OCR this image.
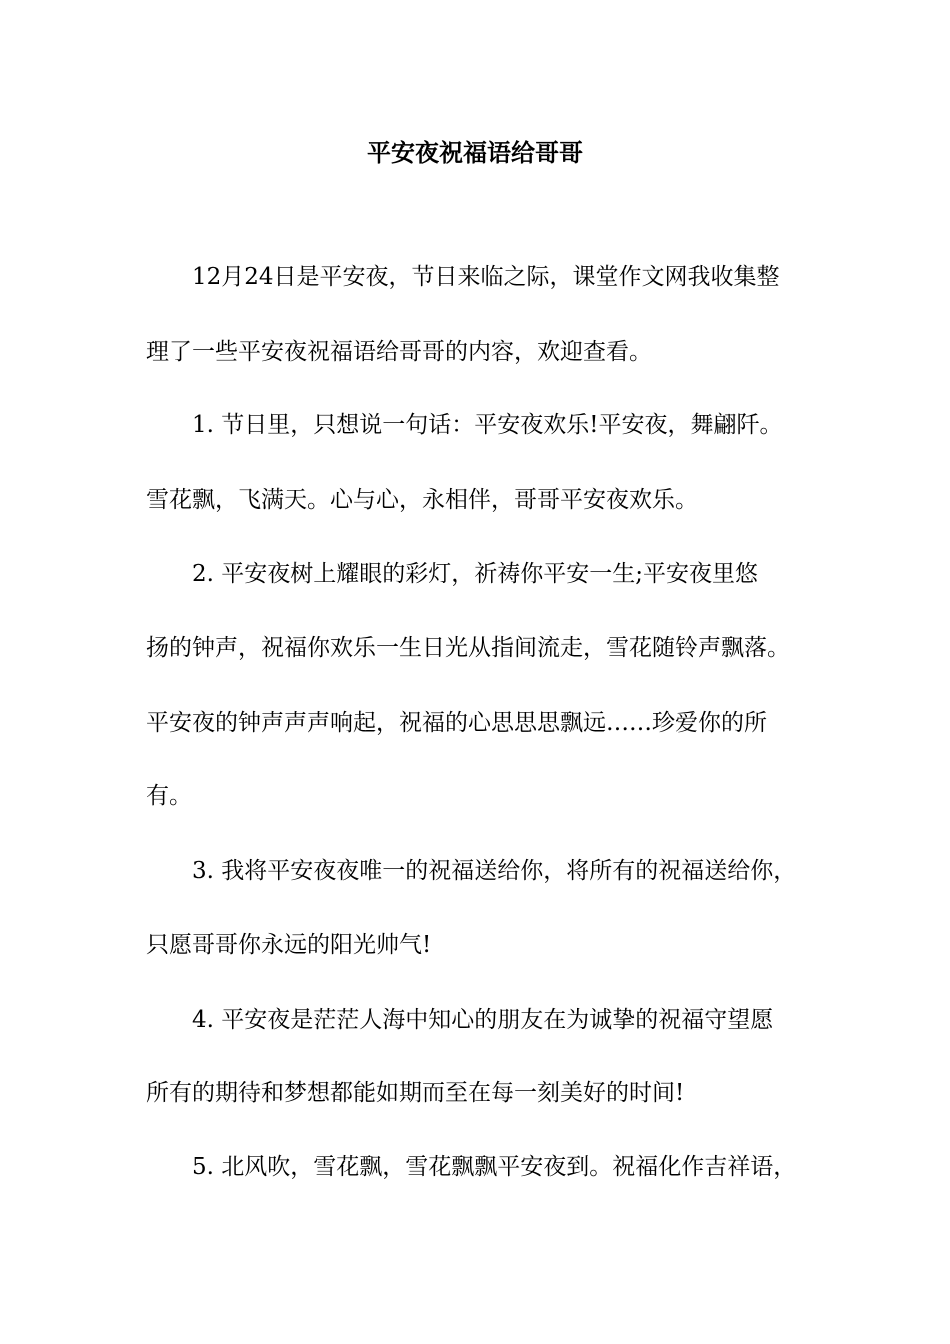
平安夜祝福语给哥哥

12月24日是平安夜，节日来临之际，课堂作文网我收集整

理了一些平安夜祝福语给哥哥的内容，欢迎查看。

1. 节日里，只想说一句话：平安夜欢乐!平安夜，舞翩阡。

雪花飘，飞满天。心与心，永相伴，哥哥平安夜欢乐。

2. 平安夜树上耀眼的彩灯，祈祷你平安一生;平安夜里悠

扬的钟声，祝福你欢乐一生日光从指间流走，雪花随铃声飘落。

平安夜的钟声声声响起，祝福的心思思思飘远……珍爱你的所

有。

3. 我将平安夜夜唯一的祝福送给你，将所有的祝福送给你，

只愿哥哥你永远的阳光帅气!

4. 平安夜是茫茫人海中知心的朋友在为诚挚的祝福守望愿

所有的期待和梦想都能如期而至在每一刻美好的时间!

5. 北风吹，雪花飘，雪花飘飘平安夜到。祝福化作吉祥语，
